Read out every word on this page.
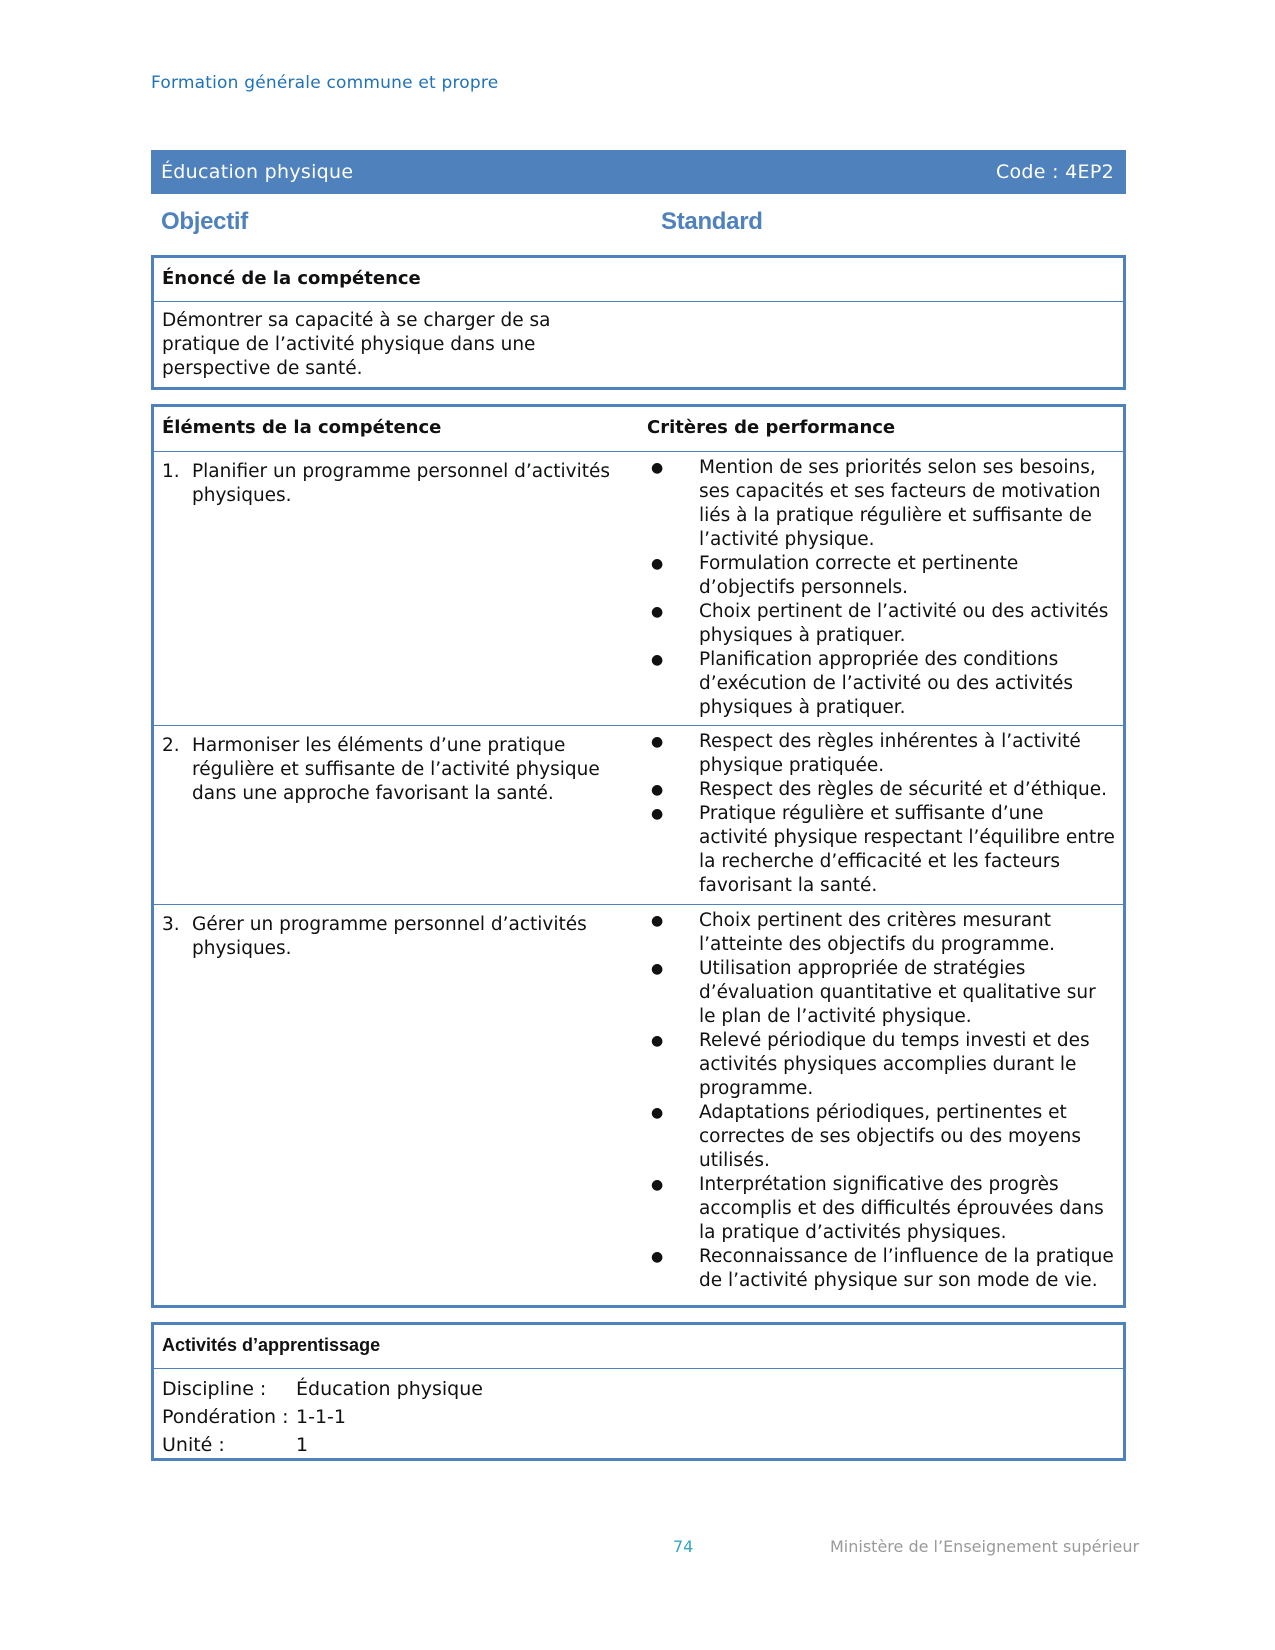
Formation générale commune et propre
Éducation physique	Code : 4EP2
Objectif	Standard
Énoncé de la compétence
Démontrer sa capacité à se charger de sa pratique de l’activité physique dans une perspective de santé.
Éléments de la compétence	Critères de performance
1. Planifier un programme personnel d’activités physiques.
●	Mention de ses priorités selon ses besoins, ses capacités et ses facteurs de motivation liés à la pratique régulière et suffisante de l’activité physique.
●	Formulation correcte et pertinente d’objectifs personnels.
●	Choix pertinent de l’activité ou des activités physiques à pratiquer.
●	Planification appropriée des conditions d’exécution de l’activité ou des activités physiques à pratiquer.
2. Harmoniser les éléments d’une pratique régulière et suffisante de l’activité physique dans une approche favorisant la santé.
●	Respect des règles inhérentes à l’activité physique pratiquée.
●	Respect des règles de sécurité et d’éthique.
●	Pratique régulière et suffisante d’une activité physique respectant l’équilibre entre la recherche d’efficacité et les facteurs favorisant la santé.
3. Gérer un programme personnel d’activités physiques.
●	Choix pertinent des critères mesurant l’atteinte des objectifs du programme.
●	Utilisation appropriée de stratégies d’évaluation quantitative et qualitative sur le plan de l’activité physique.
●	Relevé périodique du temps investi et des activités physiques accomplies durant le programme.
●	Adaptations périodiques, pertinentes et correctes de ses objectifs ou des moyens utilisés.
●	Interprétation significative des progrès accomplis et des difficultés éprouvées dans la pratique d’activités physiques.
●	Reconnaissance de l’influence de la pratique de l’activité physique sur son mode de vie.
Activités d’apprentissage
Discipline :	Éducation physique
Pondération : 1-1-1
Unité :	1
74	Ministère de l’Enseignement supérieur
